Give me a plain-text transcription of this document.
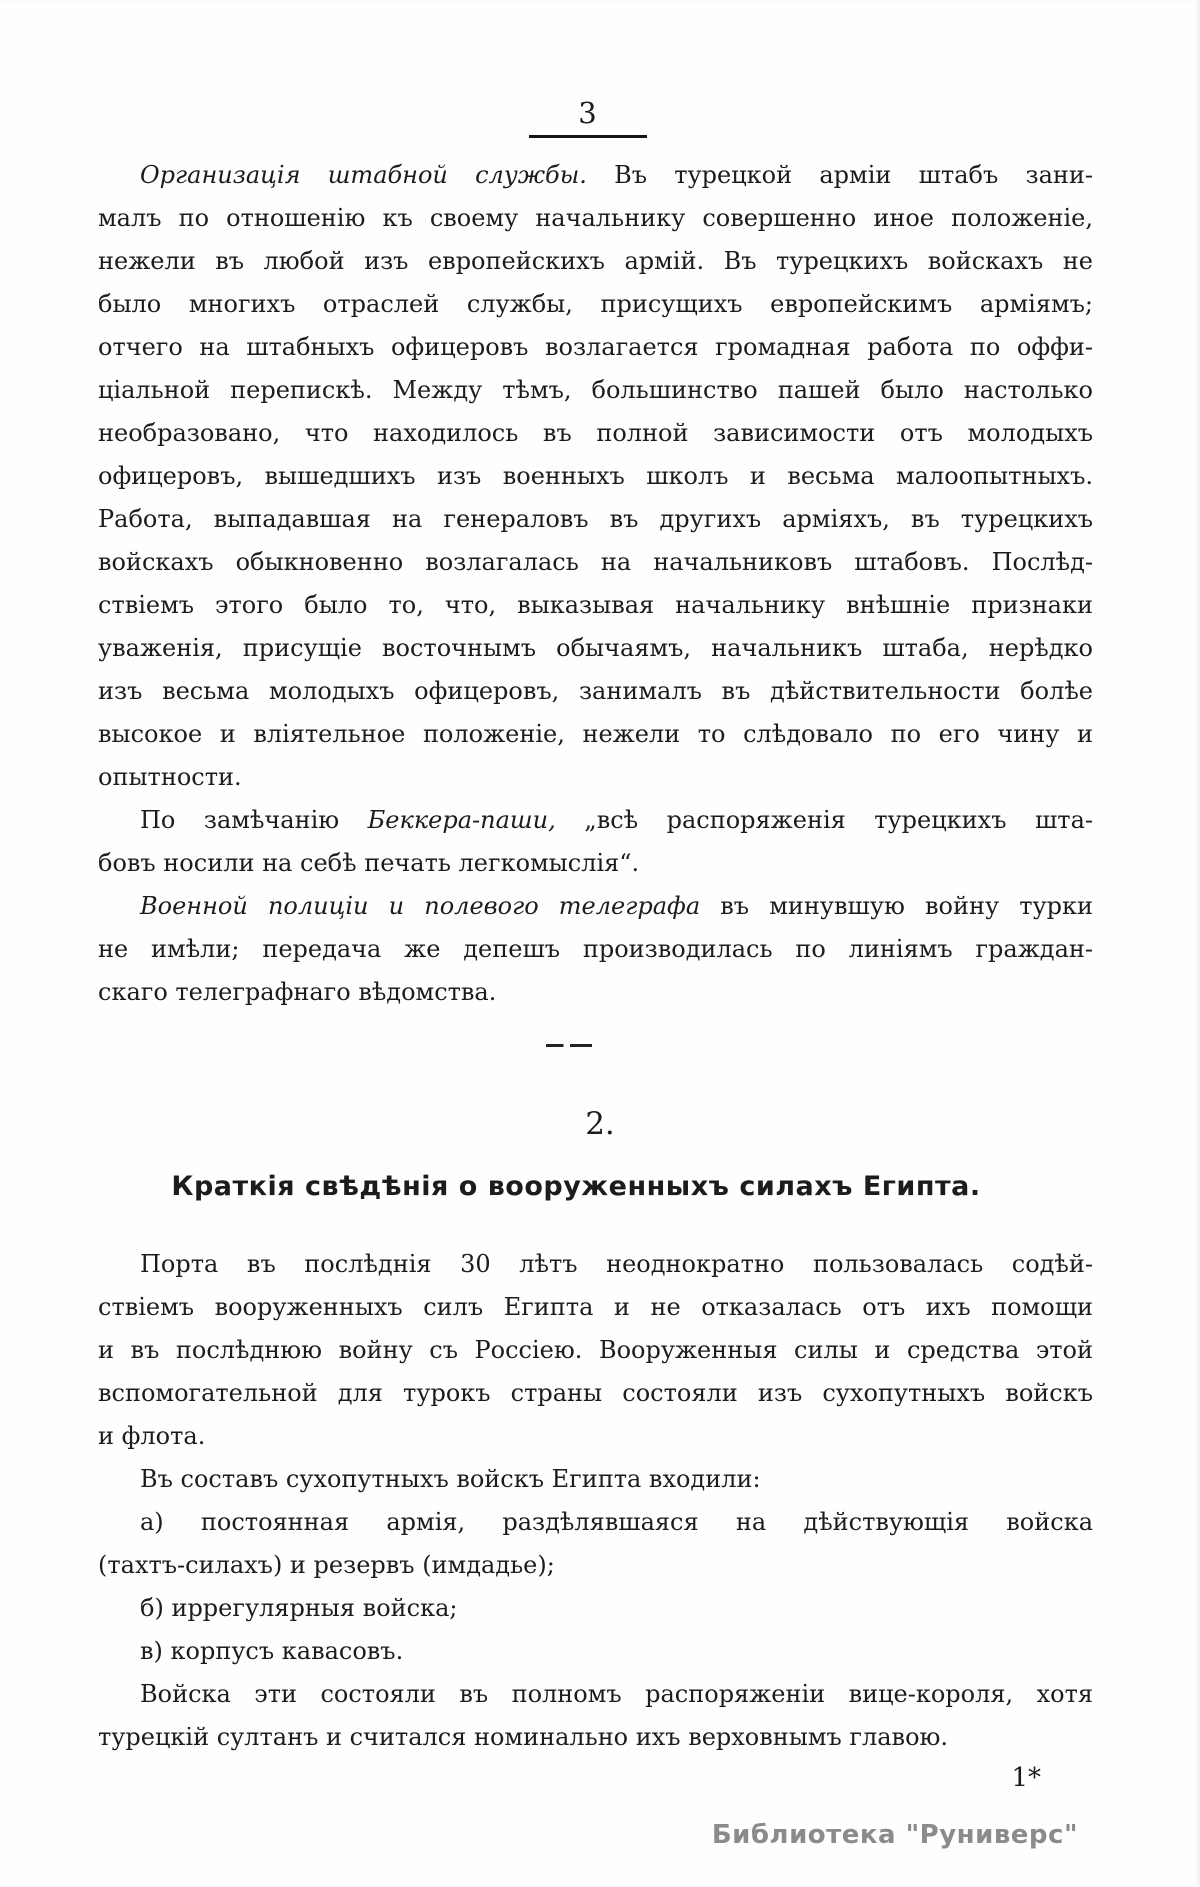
3
Организація штабной службы. Въ турецкой арміи штабъ зани-
малъ по отношенію къ своему начальнику совершенно иное положеніе,
нежели въ любой изъ европейскихъ армій. Въ турецкихъ войскахъ не
было многихъ отраслей службы, присущихъ европейскимъ арміямъ;
отчего на штабныхъ офицеровъ возлагается громадная работа по оффи-
ціальной перепискѣ. Между тѣмъ, большинство пашей было настолько
необразовано, что находилось въ полной зависимости отъ молодыхъ
офицеровъ, вышедшихъ изъ военныхъ школъ и весьма малоопытныхъ.
Работа, выпадавшая на генераловъ въ другихъ арміяхъ, въ турецкихъ
войскахъ обыкновенно возлагалась на начальниковъ штабовъ. Послѣд-
ствіемъ этого было то, что, выказывая начальнику внѣшніе признаки
уваженія, присущіе восточнымъ обычаямъ, начальникъ штаба, нерѣдко
изъ весьма молодыхъ офицеровъ, занималъ въ дѣйствительности болѣе
высокое и вліятельное положеніе, нежели то слѣдовало по его чину и
опытности.
По замѣчанію Беккера-паши, „всѣ распоряженія турецкихъ шта-
бовъ носили на себѣ печать легкомыслія“.
Военной полиціи и полевого телеграфа въ минувшую войну турки
не имѣли; передача же депешъ производилась по линіямъ граждан-
скаго телеграфнаго вѣдомства.
2.
Краткія свѣдѣнія о вооруженныхъ силахъ Египта.
Порта въ послѣднія 30 лѣтъ неоднократно пользовалась содѣй-
ствіемъ вооруженныхъ силъ Египта и не отказалась отъ ихъ помощи
и въ послѣднюю войну съ Россіею. Вооруженныя силы и средства этой
вспомогательной для турокъ страны состояли изъ сухопутныхъ войскъ
и флота.
Въ составъ сухопутныхъ войскъ Египта входили:
а) постоянная армія, раздѣлявшаяся на дѣйствующія войска
(тахтъ-силахъ) и резервъ (имдадье);
б) иррегулярныя войска;
в) корпусъ кавасовъ.
Войска эти состояли въ полномъ распоряженіи вице-короля, хотя
турецкій султанъ и считался номинально ихъ верховнымъ главою.
1*
Библиотека "Руниверс"
